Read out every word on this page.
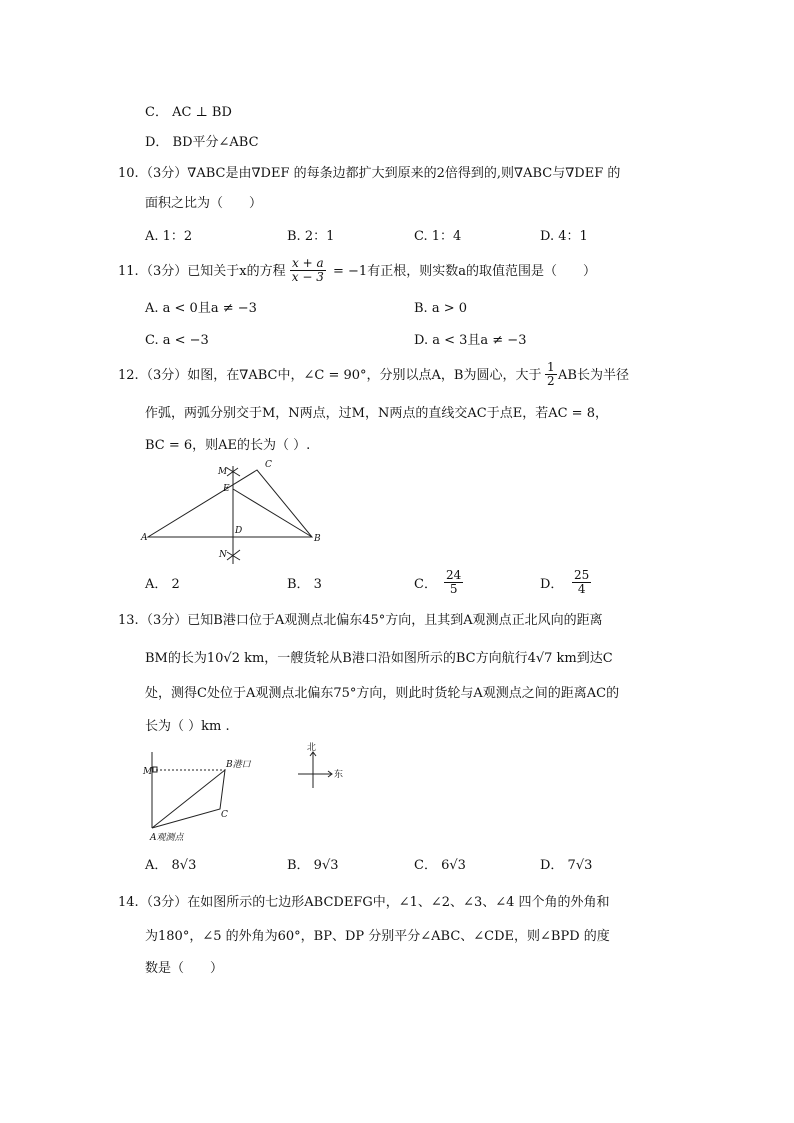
C． AC ⊥ BD
D． BD平分∠ABC
10. （3分）∇ABC是由∇DEF 的每条边都扩大到原来的2倍得到的,则∇ABC与∇DEF 的
面积之比为（　　）
A. 1：2	B. 2：1	C. 1：4	D. 4：1
11. （3分）已知关于x的方程 $\frac{x + a}{x - 3} = -1$有正根，则实数a的取值范围是（　　）
A. a < 0且a ≠ −3	B. a > 0
C. a < −3	D. a < 3且a ≠ −3
12. （3分）如图，在∇ABC中，∠C = 90°，分别以点A，B为圆心，大于 $\frac{1}{2}$ AB长为半径
作弧，两弧分别交于M，N两点，过M，N两点的直线交AC于点E，若AC = 8，
BC = 6，则AE的长为（ ）.
A	B
C
D
E
M
N
M
B港口
C
A观测点
北
东
A． 2	B． 3	C． $\frac{24}{5}$	D． $\frac{25}{4}$
13. （3分）已知B港口位于A观测点北偏东45°方向，且其到A观测点正北风向的距离
BM的长为10√2 km，一艘货轮从B港口沿如图所示的BC方向航行4√7 km到达C
处，测得C处位于A观测点北偏东75°方向，则此时货轮与A观测点之间的距离AC的
长为（ ）km .
A． 8√3	B． 9√3	C． 6√3	D． 7√3
14. （3分）在如图所示的七边形ABCDEFG中，∠1、∠2、∠3、∠4 四个角的外角和
为180°，∠5 的外角为60°，BP、DP 分别平分∠ABC、∠CDE，则∠BPD 的度
数是（　　）
